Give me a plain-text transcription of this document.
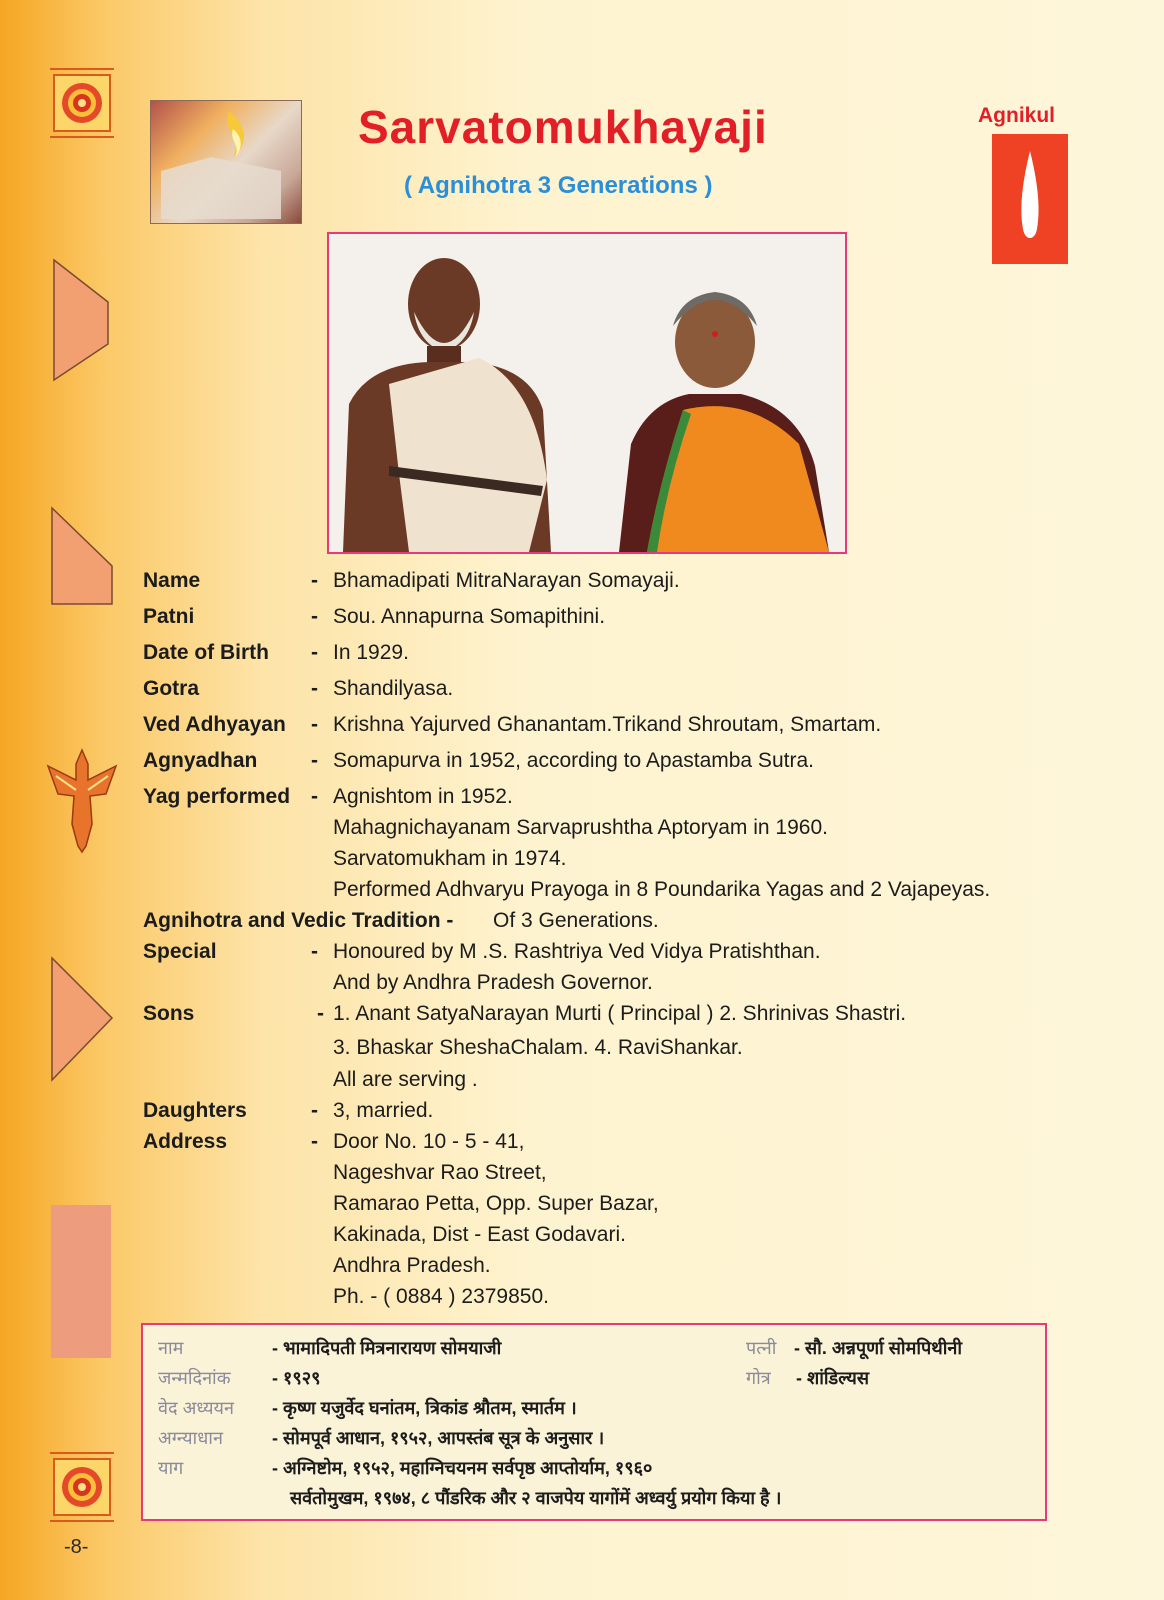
-8-
Sarvatomukhayaji
( Agnihotra 3 Generations )
Agnikul
Name	- Bhamadipati MitraNarayan Somayaji.
Patni	- Sou. Annapurna Somapithini.
Date of Birth - In 1929.
Gotra	- Shandilyasa.
Ved Adhyayan - Krishna Yajurved Ghanantam.Trikand Shroutam, Smartam.
Agnyadhan	- Somapurva in 1952, according to Apastamba Sutra.
Yag performed - Agnishtom in 1952.
Mahagnichayanam Sarvaprushtha Aptoryam in 1960.
Sarvatomukham in 1974.
Performed Adhvaryu Prayoga in 8 Poundarika Yagas and 2 Vajapeyas.
Agnihotra and Vedic Tradition - Of 3 Generations.
Special	- Honoured by M .S. Rashtriya Ved Vidya Pratishthan.
And by Andhra Pradesh Governor.
Sons	- 1. Anant SatyaNarayan Murti ( Principal ) 2. Shrinivas Shastri.
3. Bhaskar SheshaChalam. 4. RaviShankar.
All are serving .
Daughters	- 3, married.
Address	- Door No. 10 - 5 - 41,
Nageshvar Rao Street,
Ramarao Petta, Opp. Super Bazar,
Kakinada, Dist - East Godavari.
Andhra Pradesh.
Ph. - ( 0884 ) 2379850.
नाम	- भामादिपती मित्रनारायण सोमयाजी	पत्नी - सौ. अन्नपूर्णा सोमपिथीनी
जन्मदिनांक - १९२९	गोत्र - शांडिल्यस
वेद अध्ययन - कृष्ण यजुर्वेद घनांतम, त्रिकांड श्रौतम, स्मार्तम ।
अग्न्याधान	- सोमपूर्व आधान, १९५२, आपस्तंब सूत्र के अनुसार ।
याग	- अग्निष्टोम, १९५२, महाग्निचयनम सर्वपृष्ठ आप्तोर्याम, १९६०
सर्वतोमुखम, १९७४, ८ पौंडरिक और २ वाजपेय यागोंमें अध्वर्यु प्रयोग किया है ।
